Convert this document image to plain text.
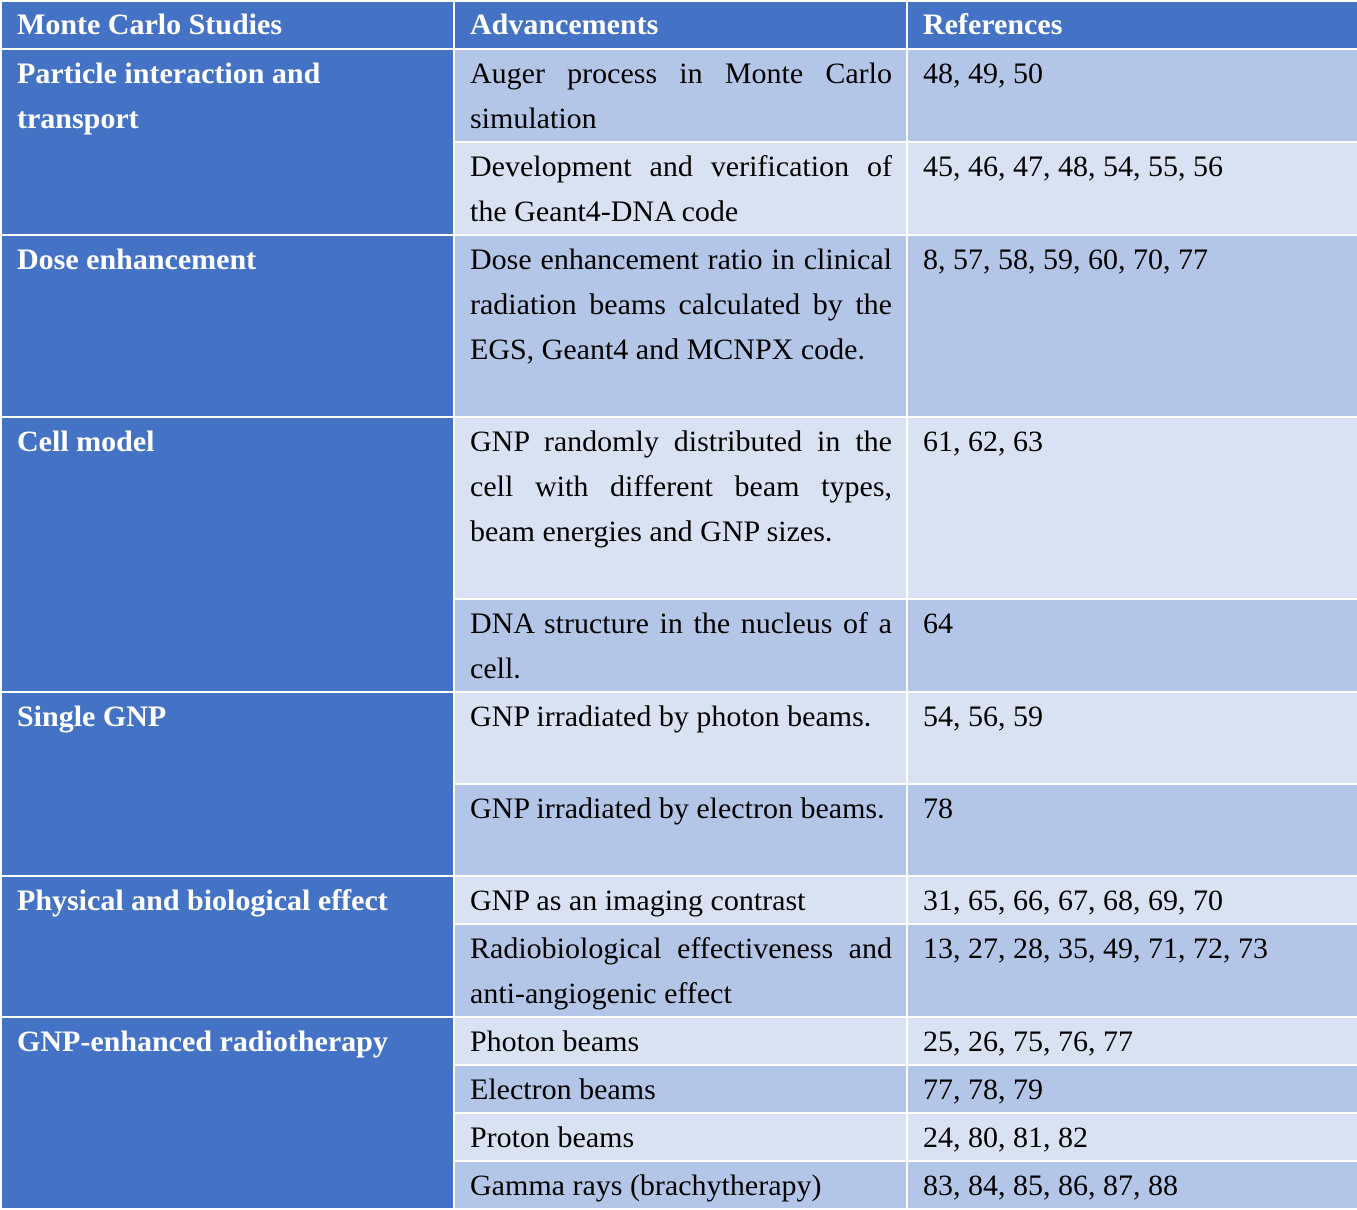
Monte Carlo Studies	Advancements	References

Particle interaction and transport	Auger process in Monte Carlo simulation	48, 49, 50

	Development and verification of the Geant4-DNA code	45, 46, 47, 48, 54, 55, 56

Dose enhancement	Dose enhancement ratio in clinical radiation beams calculated by the EGS, Geant4 and MCNPX code.	8, 57, 58, 59, 60, 70, 77

Cell model	GNP randomly distributed in the cell with different beam types, beam energies and GNP sizes.	61, 62, 63

	DNA structure in the nucleus of a cell.	64

Single GNP	GNP irradiated by photon beams.	54, 56, 59

	GNP irradiated by electron beams.	78

Physical and biological effect	GNP as an imaging contrast	31, 65, 66, 67, 68, 69, 70

	Radiobiological effectiveness and anti-angiogenic effect	13, 27, 28, 35, 49, 71, 72, 73

GNP-enhanced radiotherapy	Photon beams	25, 26, 75, 76, 77

	Electron beams	77, 78, 79

	Proton beams	24, 80, 81, 82

	Gamma rays (brachytherapy)	83, 84, 85, 86, 87, 88
